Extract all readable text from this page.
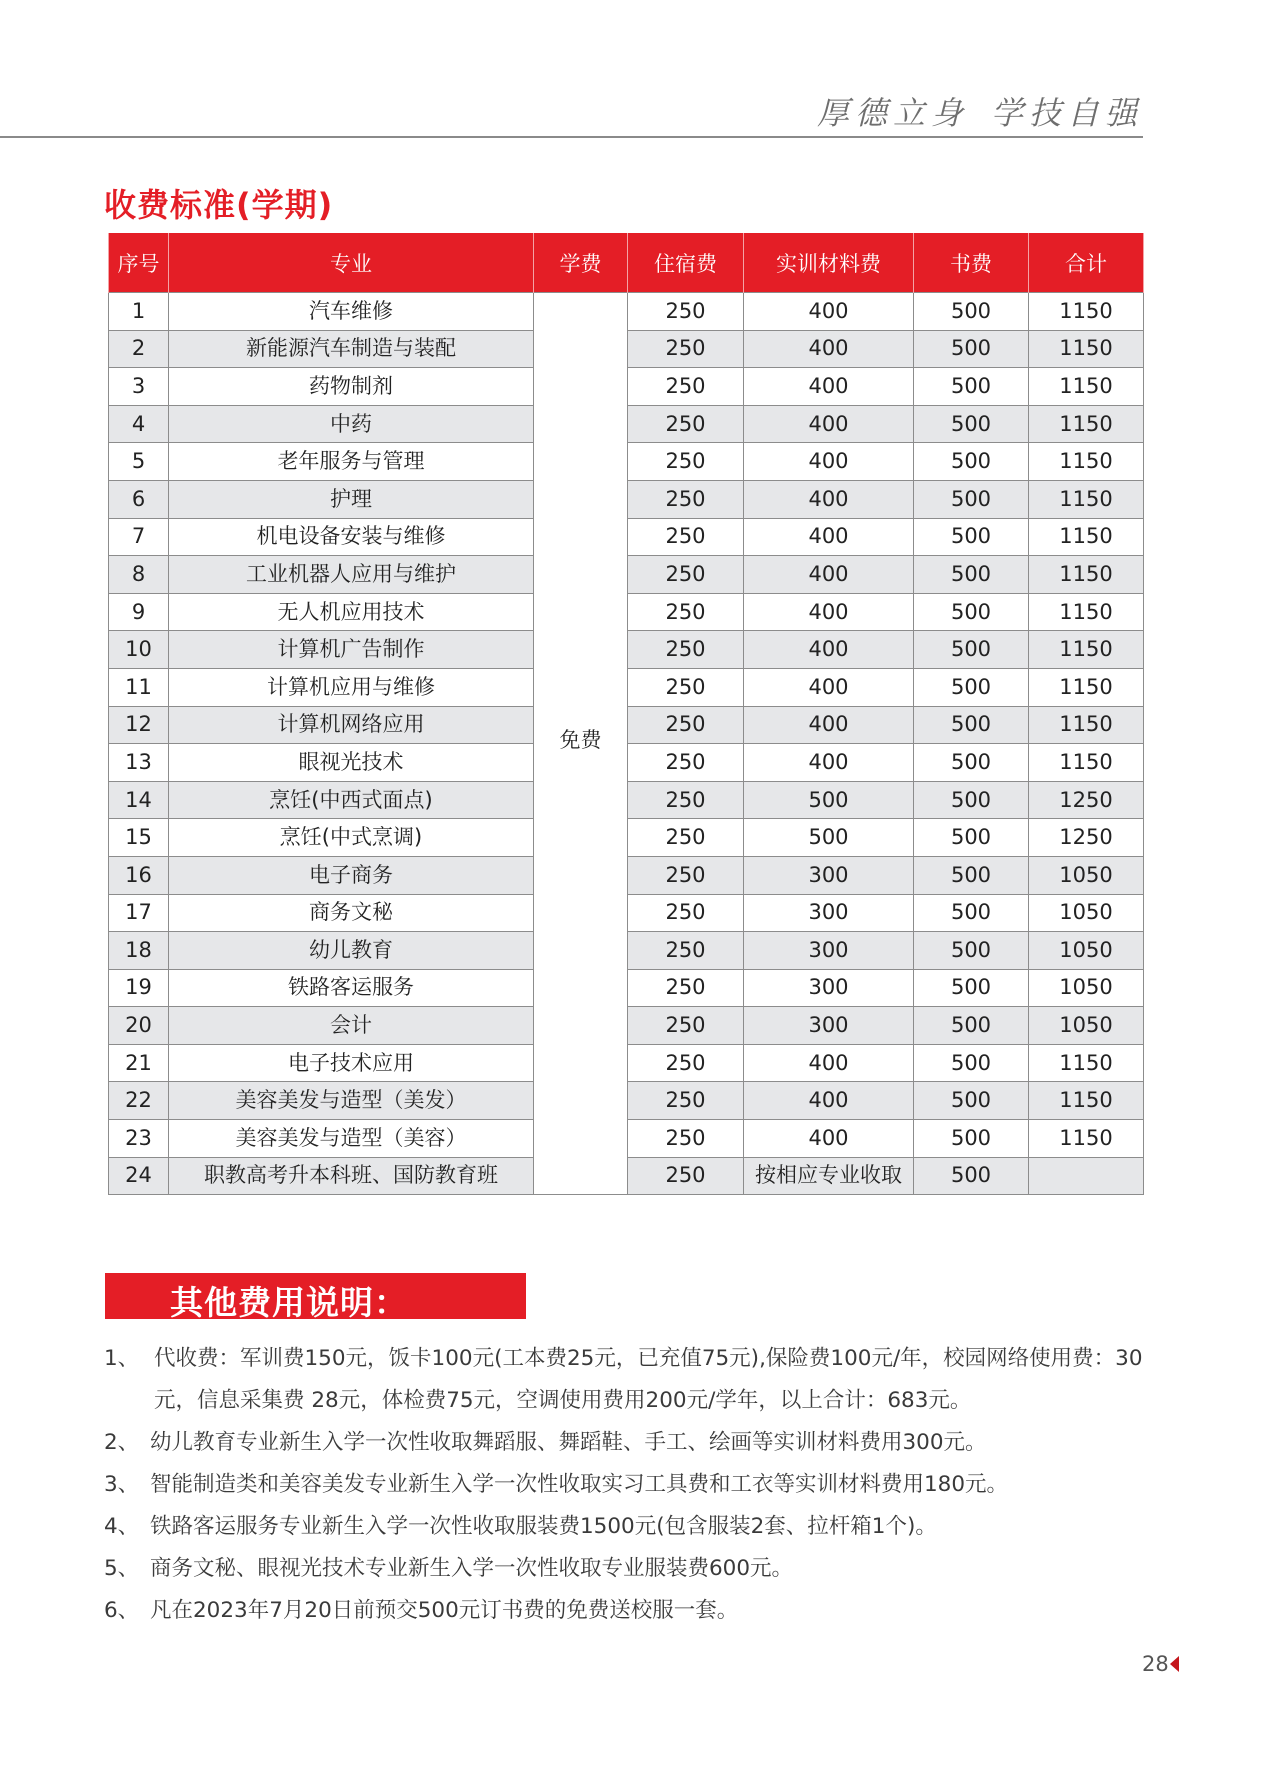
厚德立身 学技自强
收费标准(学期)
序号	专业	学费	住宿费	实训材料费	书费	合计
1	汽车维修	免费	250	400	500	1150
2	新能源汽车制造与装配		250	400	500	1150
3	药物制剂		250	400	500	1150
4	中药		250	400	500	1150
5	老年服务与管理		250	400	500	1150
6	护理		250	400	500	1150
7	机电设备安装与维修		250	400	500	1150
8	工业机器人应用与维护		250	400	500	1150
9	无人机应用技术		250	400	500	1150
10	计算机广告制作		250	400	500	1150
11	计算机应用与维修		250	400	500	1150
12	计算机网络应用		250	400	500	1150
13	眼视光技术		250	400	500	1150
14	烹饪(中西式面点)		250	500	500	1250
15	烹饪(中式烹调)		250	500	500	1250
16	电子商务		250	300	500	1050
17	商务文秘		250	300	500	1050
18	幼儿教育		250	300	500	1050
19	铁路客运服务		250	300	500	1050
20	会计		250	300	500	1050
21	电子技术应用		250	400	500	1150
22	美容美发与造型（美发）		250	400	500	1150
23	美容美发与造型（美容）		250	400	500	1150
24	职教高考升本科班、国防教育班		250	按相应专业收取	500	
其他费用说明：
1、 代收费：军训费150元，饭卡100元(工本费25元，已充值75元),保险费100元/年，校园网络使用费：30元，信息采集费 28元，体检费75元，空调使用费用200元/学年，以上合计：683元。
2、 幼儿教育专业新生入学一次性收取舞蹈服、舞蹈鞋、手工、绘画等实训材料费用300元。
3、 智能制造类和美容美发专业新生入学一次性收取实习工具费和工衣等实训材料费用180元。
4、 铁路客运服务专业新生入学一次性收取服装费1500元(包含服装2套、拉杆箱1个)。
5、 商务文秘、眼视光技术专业新生入学一次性收取专业服装费600元。
6、 凡在2023年7月20日前预交500元订书费的免费送校服一套。
28
